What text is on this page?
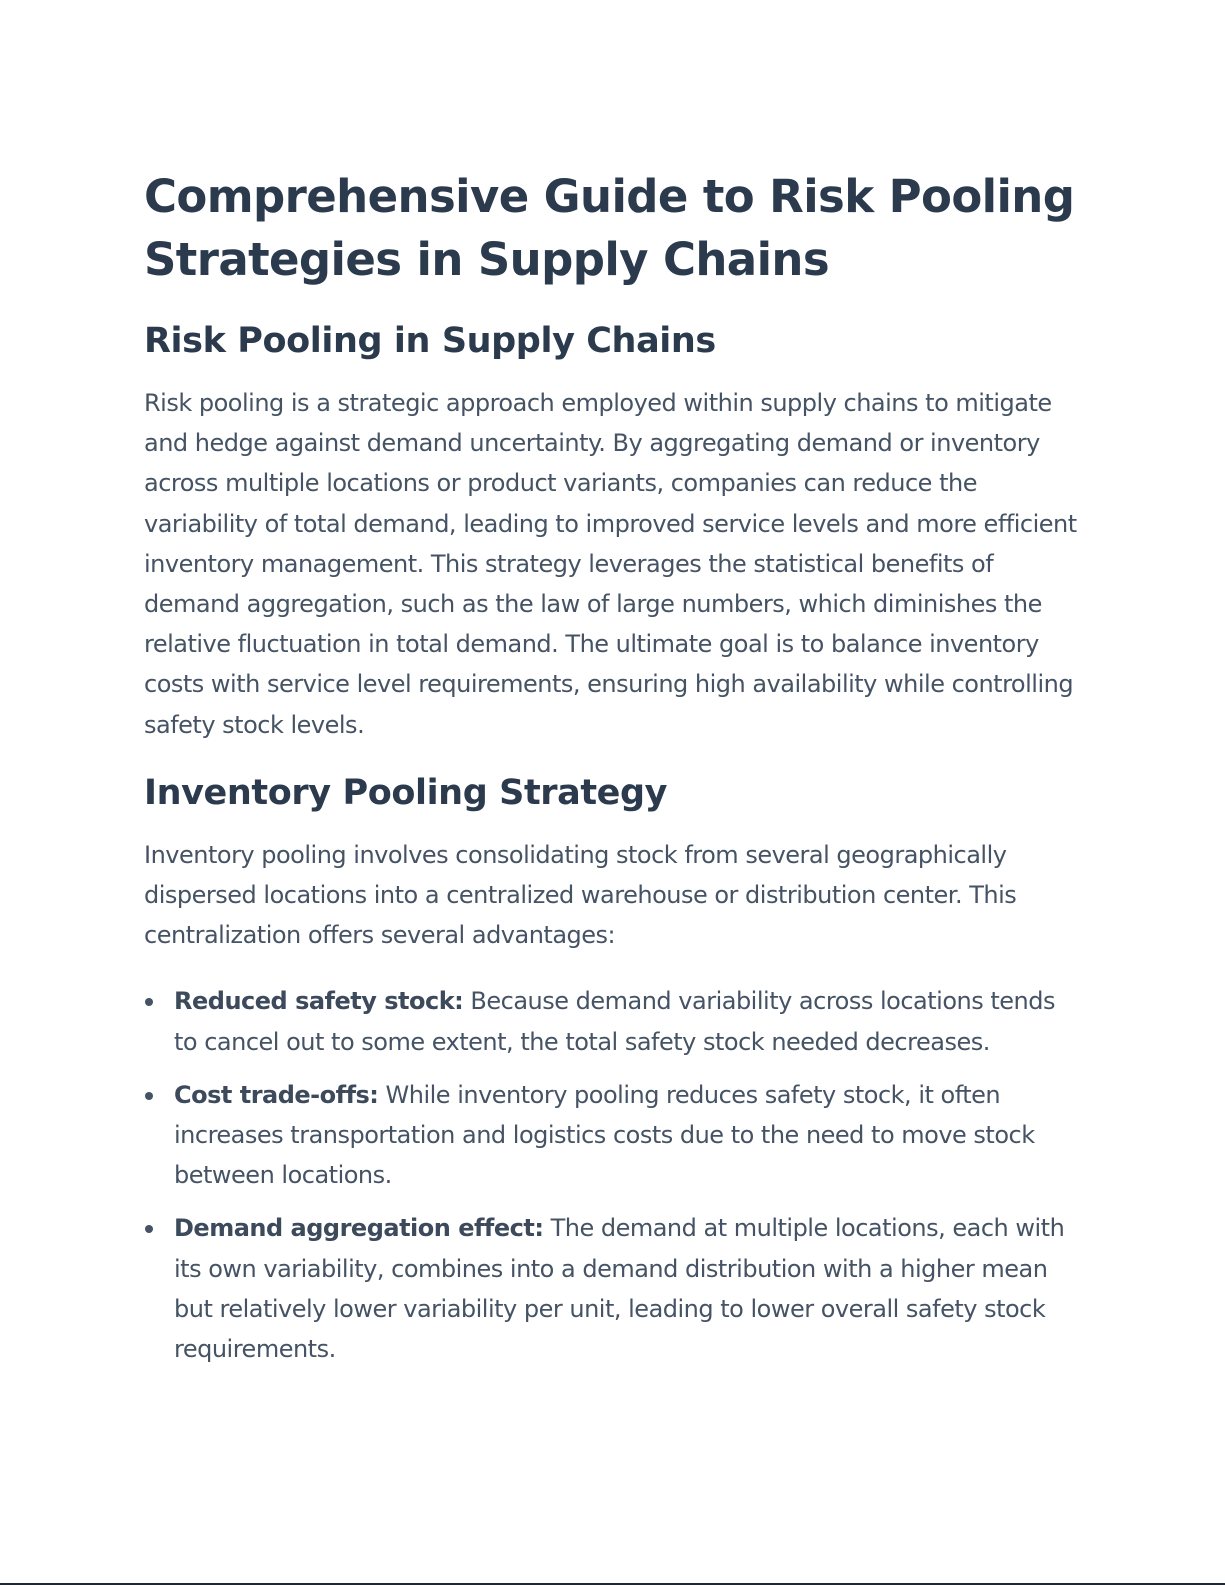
Comprehensive Guide to Risk Pooling Strategies in Supply Chains
Risk Pooling in Supply Chains

Risk pooling is a strategic approach employed within supply chains to mitigate and hedge against demand uncertainty. By aggregating demand or inventory across multiple locations or product variants, companies can reduce the variability of total demand, leading to improved service levels and more efficient inventory management. This strategy leverages the statistical benefits of demand aggregation, such as the law of large numbers, which diminishes the relative fluctuation in total demand. The ultimate goal is to balance inventory costs with service level requirements, ensuring high availability while controlling safety stock levels.

Inventory Pooling Strategy

Inventory pooling involves consolidating stock from several geographically dispersed locations into a centralized warehouse or distribution center. This centralization offers several advantages:

Reduced safety stock: Because demand variability across locations tends to cancel out to some extent, the total safety stock needed decreases.
Cost trade-offs: While inventory pooling reduces safety stock, it often increases transportation and logistics costs due to the need to move stock between locations.
Demand aggregation effect: The demand at multiple locations, each with its own variability, combines into a demand distribution with a higher mean but relatively lower variability per unit, leading to lower overall safety stock requirements.
